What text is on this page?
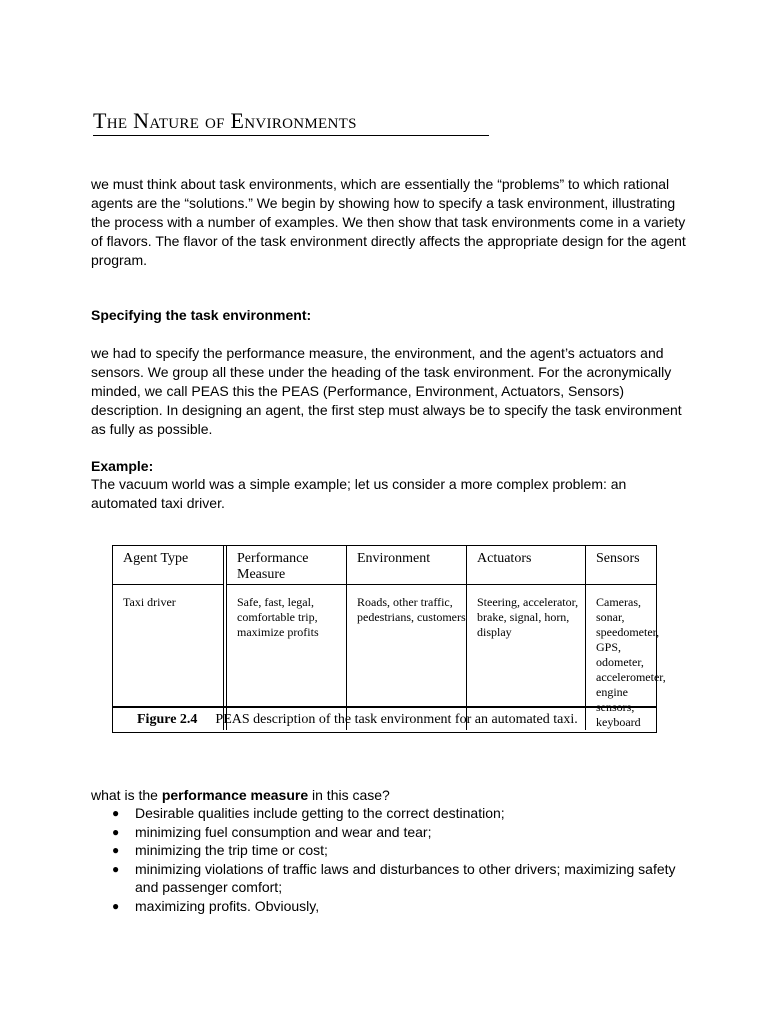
The Nature of Environments

we must think about task environments, which are essentially the “problems” to which rational agents are the “solutions.” We begin by showing how to specify a task environment, illustrating the process with a number of examples. We then show that task environments come in a variety of flavors. The flavor of the task environment directly affects the appropriate design for the agent program.

Specifying the task environment:

we had to specify the performance measure, the environment, and the agent’s actuators and sensors. We group all these under the heading of the task environment. For the acronymically minded, we call PEAS this the PEAS (Performance, Environment, Actuators, Sensors) description. In designing an agent, the first step must always be to specify the task environment as fully as possible.

Example:

The vacuum world was a simple example; let us consider a more complex problem: an automated taxi driver.

Agent Type	Performance Measure	Environment	Actuators	Sensors
Taxi driver	Safe, fast, legal, comfortable trip, maximize profits	Roads, other traffic, pedestrians, customers	Steering, accelerator, brake, signal, horn, display	Cameras, sonar, speedometer, GPS, odometer, accelerometer, engine sensors, keyboard
Figure 2.4 PEAS description of the task environment for an automated taxi.
what is the performance measure in this case?
● Desirable qualities include getting to the correct destination;
● minimizing fuel consumption and wear and tear;
● minimizing the trip time or cost;
● minimizing violations of traffic laws and disturbances to other drivers; maximizing safety and passenger comfort;
● maximizing profits. Obviously,
